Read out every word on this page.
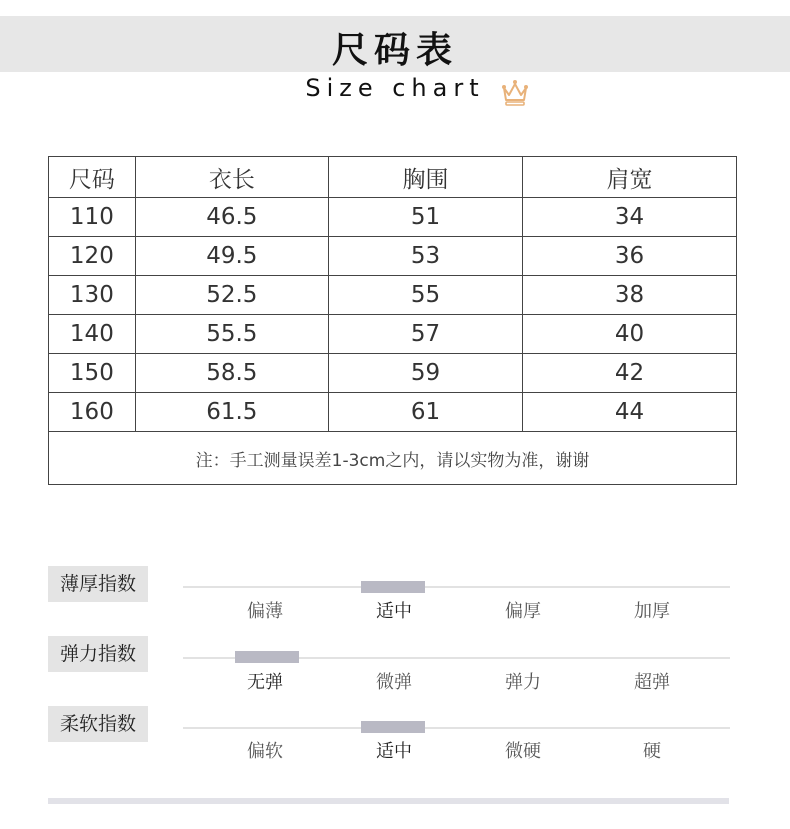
尺码表
Size chart
尺码	衣长	胸围	肩宽
110	46.5	51	34
120	49.5	53	36
130	52.5	55	38
140	55.5	57	40
150	58.5	59	42
160	61.5	61	44
注：手工测量误差1-3cm之内，请以实物为准，谢谢			
薄厚指数
偏薄	适中	偏厚	加厚
弹力指数
无弹	微弹	弹力	超弹
柔软指数
偏软	适中	微硬	硬
